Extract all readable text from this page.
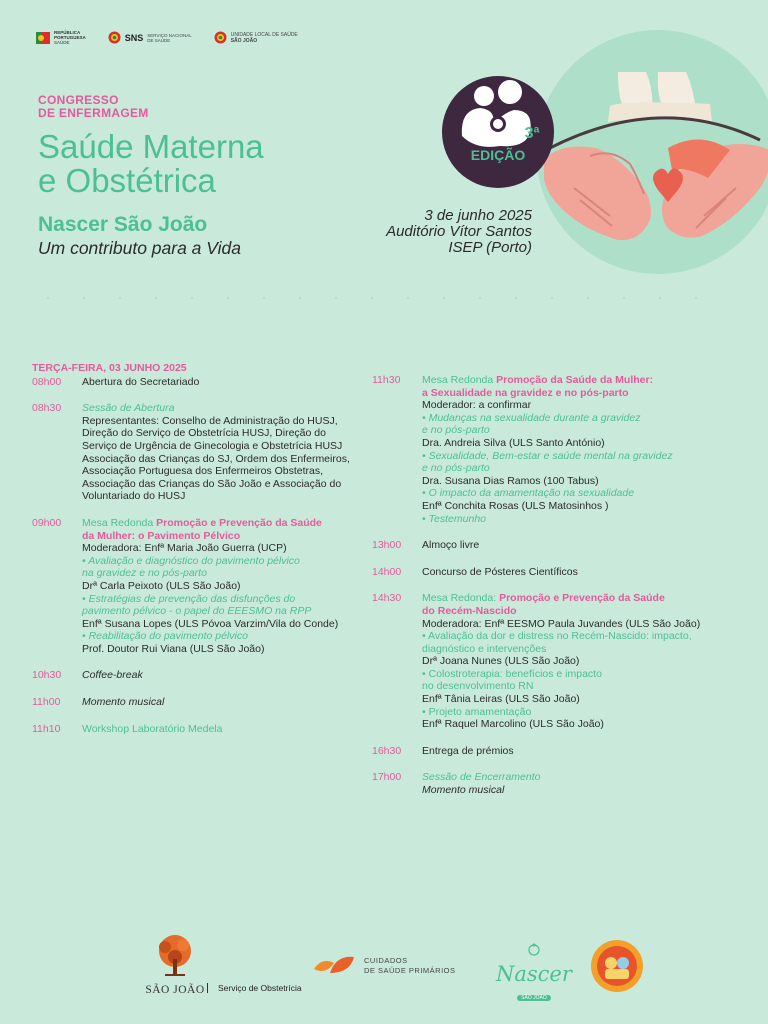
REPÚBLICA
PORTUGUESA
SAÚDE	SNS SERVIÇO NACIONAL
DE SAÚDE
UNIDADE LOCAL DE SAÚDE
SÃO JOÃO
3ª
EDIÇÃO
CONGRESSO
DE ENFERMAGEM
Saúde Materna
e Obstétrica
Nascer São João
Um contributo para a Vida
3 de junho 2025
Auditório Vítor Santos
ISEP (Porto)
TERÇA-FEIRA, 03 JUNHO 2025
08h00	Abertura do Secretariado
08h30	Sessão de Abertura
Representantes: Conselho de Administração do HUSJ,
Direção do Serviço de Obstetrícia HUSJ, Direção do
Serviço de Urgência de Ginecologia e Obstetrícia HUSJ
Associação das Crianças do SJ, Ordem dos Enfermeiros,
Associação Portuguesa dos Enfermeiros Obstetras,
Associação das Crianças do São João e Associação do
Voluntariado do HUSJ
09h00	Mesa Redonda Promoção e Prevenção da Saúde
da Mulher: o Pavimento Pélvico
Moderadora: Enfª Maria João Guerra (UCP)
• Avaliação e diagnóstico do pavimento pélvico
na gravidez e no pós-parto
Drª Carla Peixoto (ULS São João)
• Estratégias de prevenção das disfunções do
pavimento pélvico - o papel do EEESMO na RPP
Enfª Susana Lopes (ULS Póvoa Varzim/Vila do Conde)
• Reabilitação do pavimento pélvico
Prof. Doutor Rui Viana (ULS São João)
10h30	Coffee-break
11h00	Momento musical
11h10	Workshop Laboratório Medela
11h30	Mesa Redonda Promoção da Saúde da Mulher:
a Sexualidade na gravidez e no pós-parto
Moderador: a confirmar
• Mudanças na sexualidade durante a gravidez
e no pós-parto
Dra. Andreia Silva (ULS Santo António)
• Sexualidade, Bem-estar e saúde mental na gravidez
e no pós-parto
Dra. Susana Dias Ramos (100 Tabus)
• O impacto da amamentação na sexualidade
Enfª Conchita Rosas (ULS Matosinhos )
• Testemunho
13h00	Almoço livre
14h00	Concurso de Pósteres Científicos
14h30	Mesa Redonda: Promoção e Prevenção da Saúde
do Recém-Nascido
Moderadora: Enfª EESMO Paula Juvandes (ULS São João)
• Avaliação da dor e distress no Recém-Nascido: impacto,
diagnóstico e intervenções
Drª Joana Nunes (ULS São João)
• Colostroterapia: benefícios e impacto
no desenvolvimento RN
Enfª Tânia Leiras (ULS São João)
• Projeto amamentação
Enfª Raquel Marcolino (ULS São João)
16h30	Entrega de prémios
17h00	Sessão de Encerramento
Momento musical
SÃO JOÃO	Serviço de Obstetrícia
CUIDADOS
DE SAÚDE PRIMÁRIOS Nascer
SÃO JOÃO
